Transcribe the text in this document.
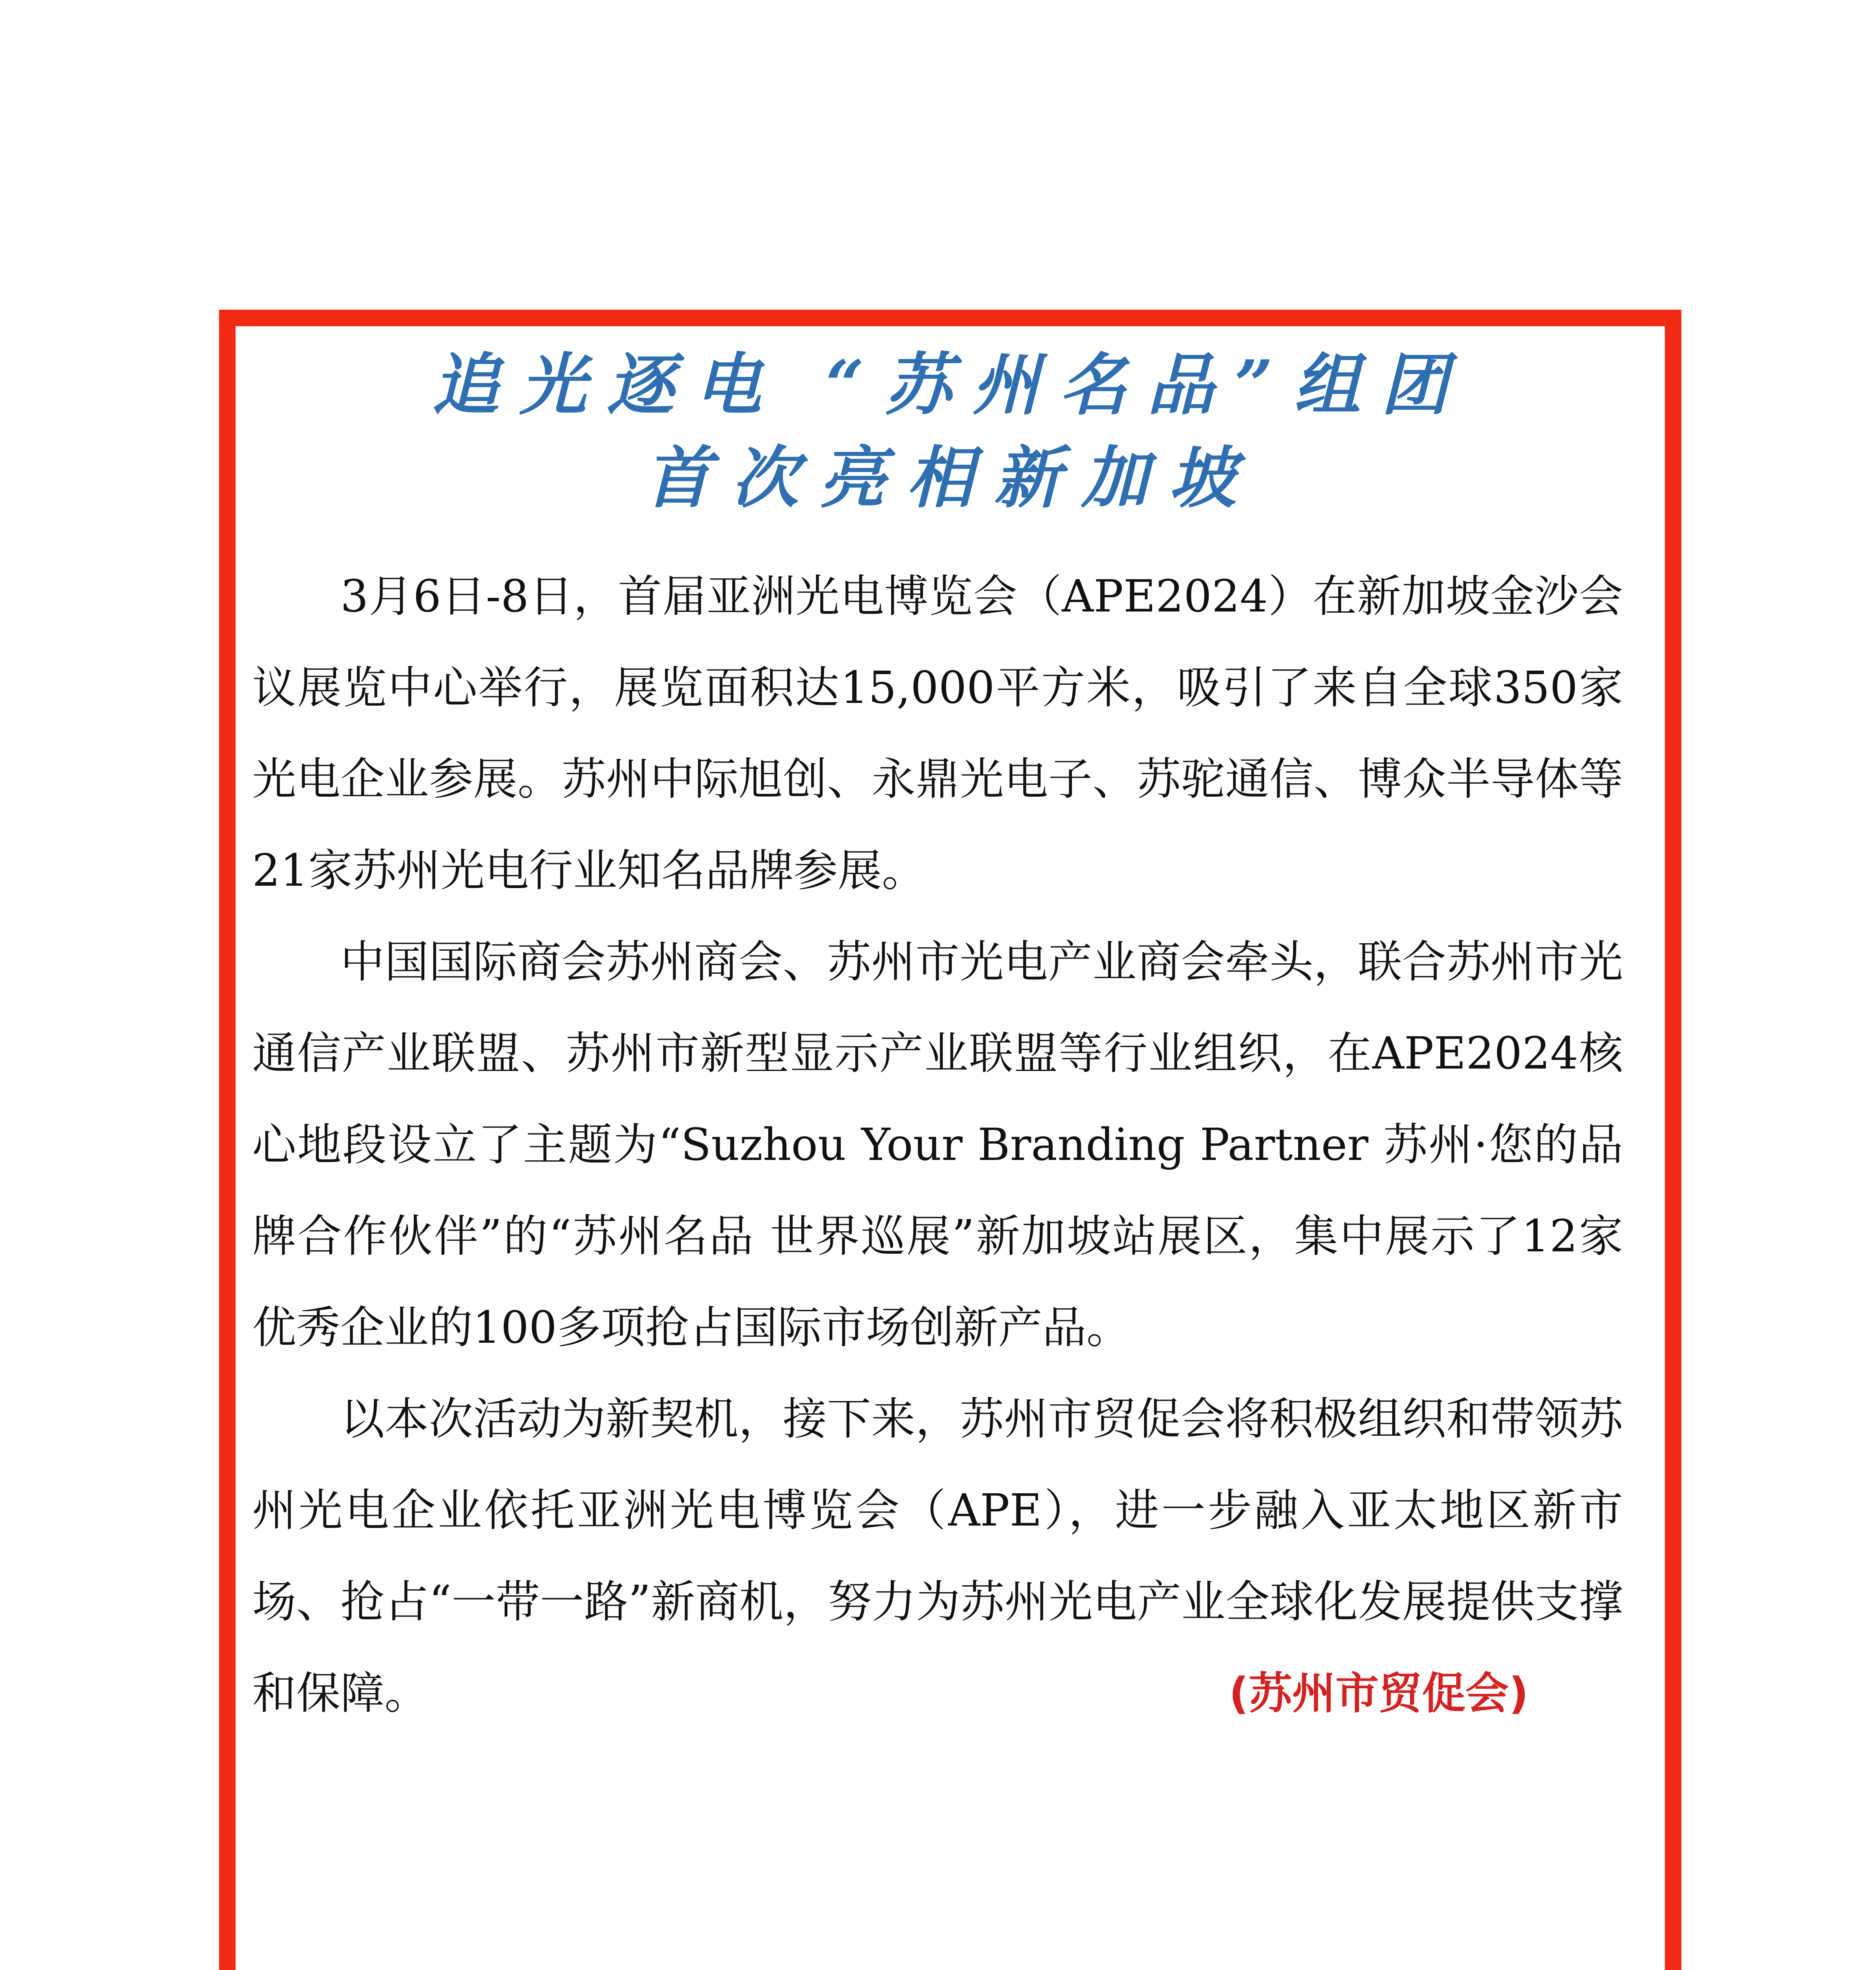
追光逐电 “苏州名品”组团
首次亮相新加坡

3月6日-8日，首届亚洲光电博览会（APE2024）在新加坡金沙会议展览中心举行，展览面积达15,000平方米，吸引了来自全球350家光电企业参展。苏州中际旭创、永鼎光电子、苏驼通信、博众半导体等21家苏州光电行业知名品牌参展。

中国国际商会苏州商会、苏州市光电产业商会牵头，联合苏州市光通信产业联盟、苏州市新型显示产业联盟等行业组织，在APE2024核心地段设立了主题为“Suzhou Your Branding Partner 苏州·您的品牌合作伙伴”的“苏州名品 世界巡展”新加坡站展区，集中展示了12家优秀企业的100多项抢占国际市场创新产品。

以本次活动为新契机，接下来，苏州市贸促会将积极组织和带领苏州光电企业依托亚洲光电博览会（APE），进一步融入亚太地区新市场、抢占“一带一路”新商机，努力为苏州光电产业全球化发展提供支撑和保障。	(苏州市贸促会)
